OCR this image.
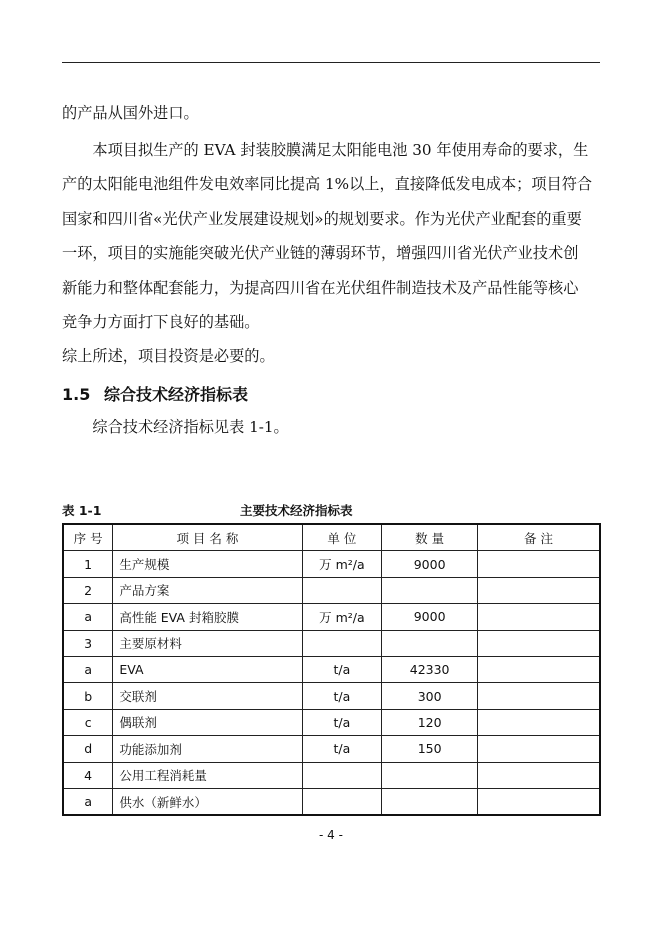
的产品从国外进口。
　　本项目拟生产的 EVA 封装胶膜满足太阳能电池 30 年使用寿命的要求，生
产的太阳能电池组件发电效率同比提高 1%以上，直接降低发电成本；项目符合
国家和四川省«光伏产业发展建设规划»的规划要求。作为光伏产业配套的重要
一环，项目的实施能突破光伏产业链的薄弱环节，增强四川省光伏产业技术创
新能力和整体配套能力，为提高四川省在光伏组件制造技术及产品性能等核心
竞争力方面打下良好的基础。
综上所述，项目投资是必要的。
1.5 综合技术经济指标表
　　综合技术经济指标见表 1-1。
表 1-1	主要技术经济指标表
序 号	项 目 名 称	单 位	数 量	备 注
1	生产规模	万 m²/a	9000	
2	产品方案			
a	高性能 EVA 封箱胶膜	万 m²/a	9000	
3	主要原材料			
a	EVA	t/a	42330	
b	交联剂	t/a	300	
c	偶联剂	t/a	120	
d	功能添加剂	t/a	150	
4	公用工程消耗量			
a	供水（新鲜水）			
- 4 -
